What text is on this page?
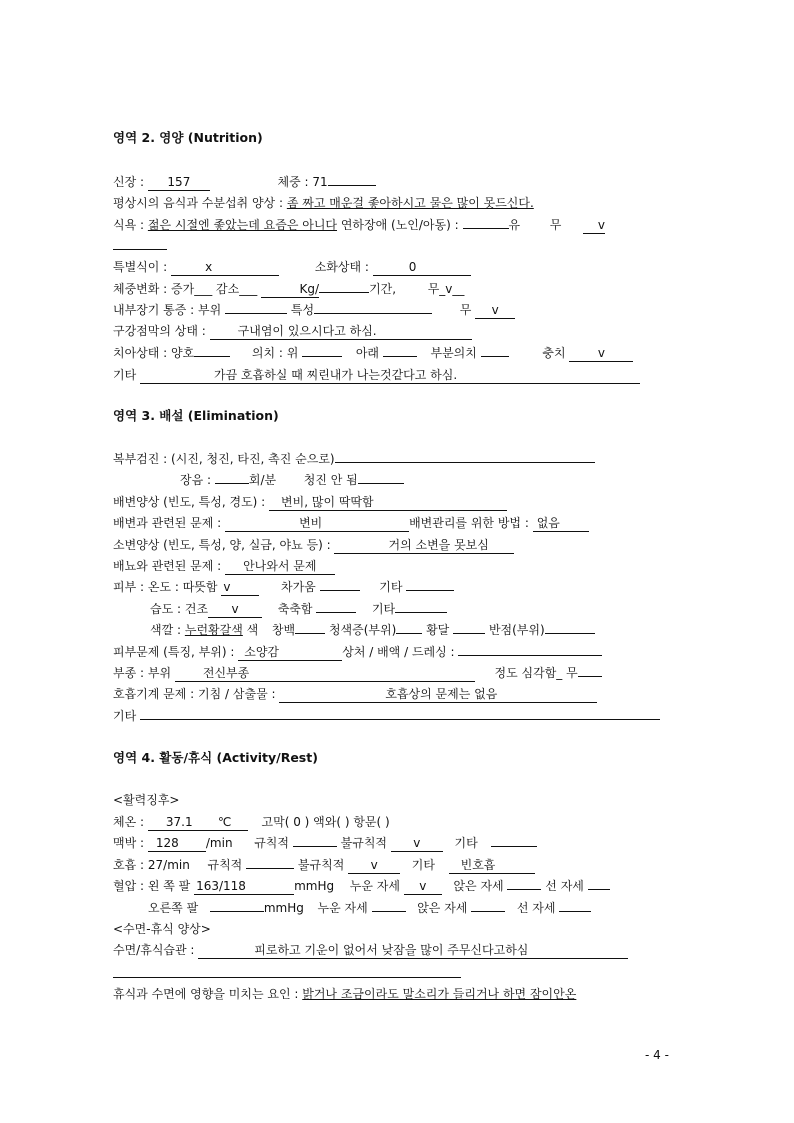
영역 2. 영양 (Nutrition)
신장 : 157	체중 : 71
평상시의 음식과 수분섭취 양상 : 좀 짜고 매운걸 좋아하시고 물은 많이 못드신다.
식욕 : 젊은 시절엔 좋았는데 요즘은 아니다 연하장애 (노인/아동) :	유 무	v
특별식이 :	x	소화상태 :	0
체중변화 : 증가___ 감소___	Kg/	기간,	무_v__
내부장기 통증 : 부위	특성	무 v
구강점막의 상태 :	구내염이 있으시다고 하심.
치아상태 : 양호	의치 : 위	아래	부분의치	충치	v
기타	가끔 호흡하실 때 찌린내가 나는것같다고 하심.
영역 3. 배설 (Elimination)
복부검진 : (시진, 청진, 타진, 촉진 순으로)
장음 :	회/분 청진 안 됨
배변양상 (빈도, 특성, 경도) : 변비, 많이 딱딱함
배변과 관련된 문제 :	변비	배변관리를 위한 방법 : 없음
소변양상 (빈도, 특성, 양, 실금, 야뇨 등) :	거의 소변을 못보심
배뇨와 관련된 문제 : 안나와서 문제
피부 : 온도 : 따뜻함 v	차가움	기타
습도 : 건조 v	축축함	기타
색깔 : 누런황갈색 색 창백	청색증(부위) 황달	반점(부위)
피부문제 (특징, 부위) : 소양감	상처 / 배액 / 드레싱 :
부종 : 부위	전신부종	정도 심각함_ 무
호흡기계 문제 : 기침 / 삼출물 :	호흡상의 문제는 없음
기타
영역 4. 활동/휴식 (Activity/Rest)
<활력징후>
체온 : 37.1 ℃	고막( 0 ) 액와( ) 항문( )
맥박 : 128 /min 규칙적	불규칙적 v	기타
호흡 : 27/min 규칙적	불규칙적 v	기타 빈호흡
혈압 : 왼 쪽 팔 163/118	mmHg 누운 자세 v 앉은 자세	선 자세
오른쪽 팔	mmHg 누운 자세	앉은 자세	선 자세
<수면-휴식 양상>
수면/휴식습관 :	피로하고 기운이 없어서 낮잠을 많이 주무신다고하심
휴식과 수면에 영향을 미치는 요인 : 밝거나 조금이라도 말소리가 들리거나 하면 잠이안온
- 4 -
